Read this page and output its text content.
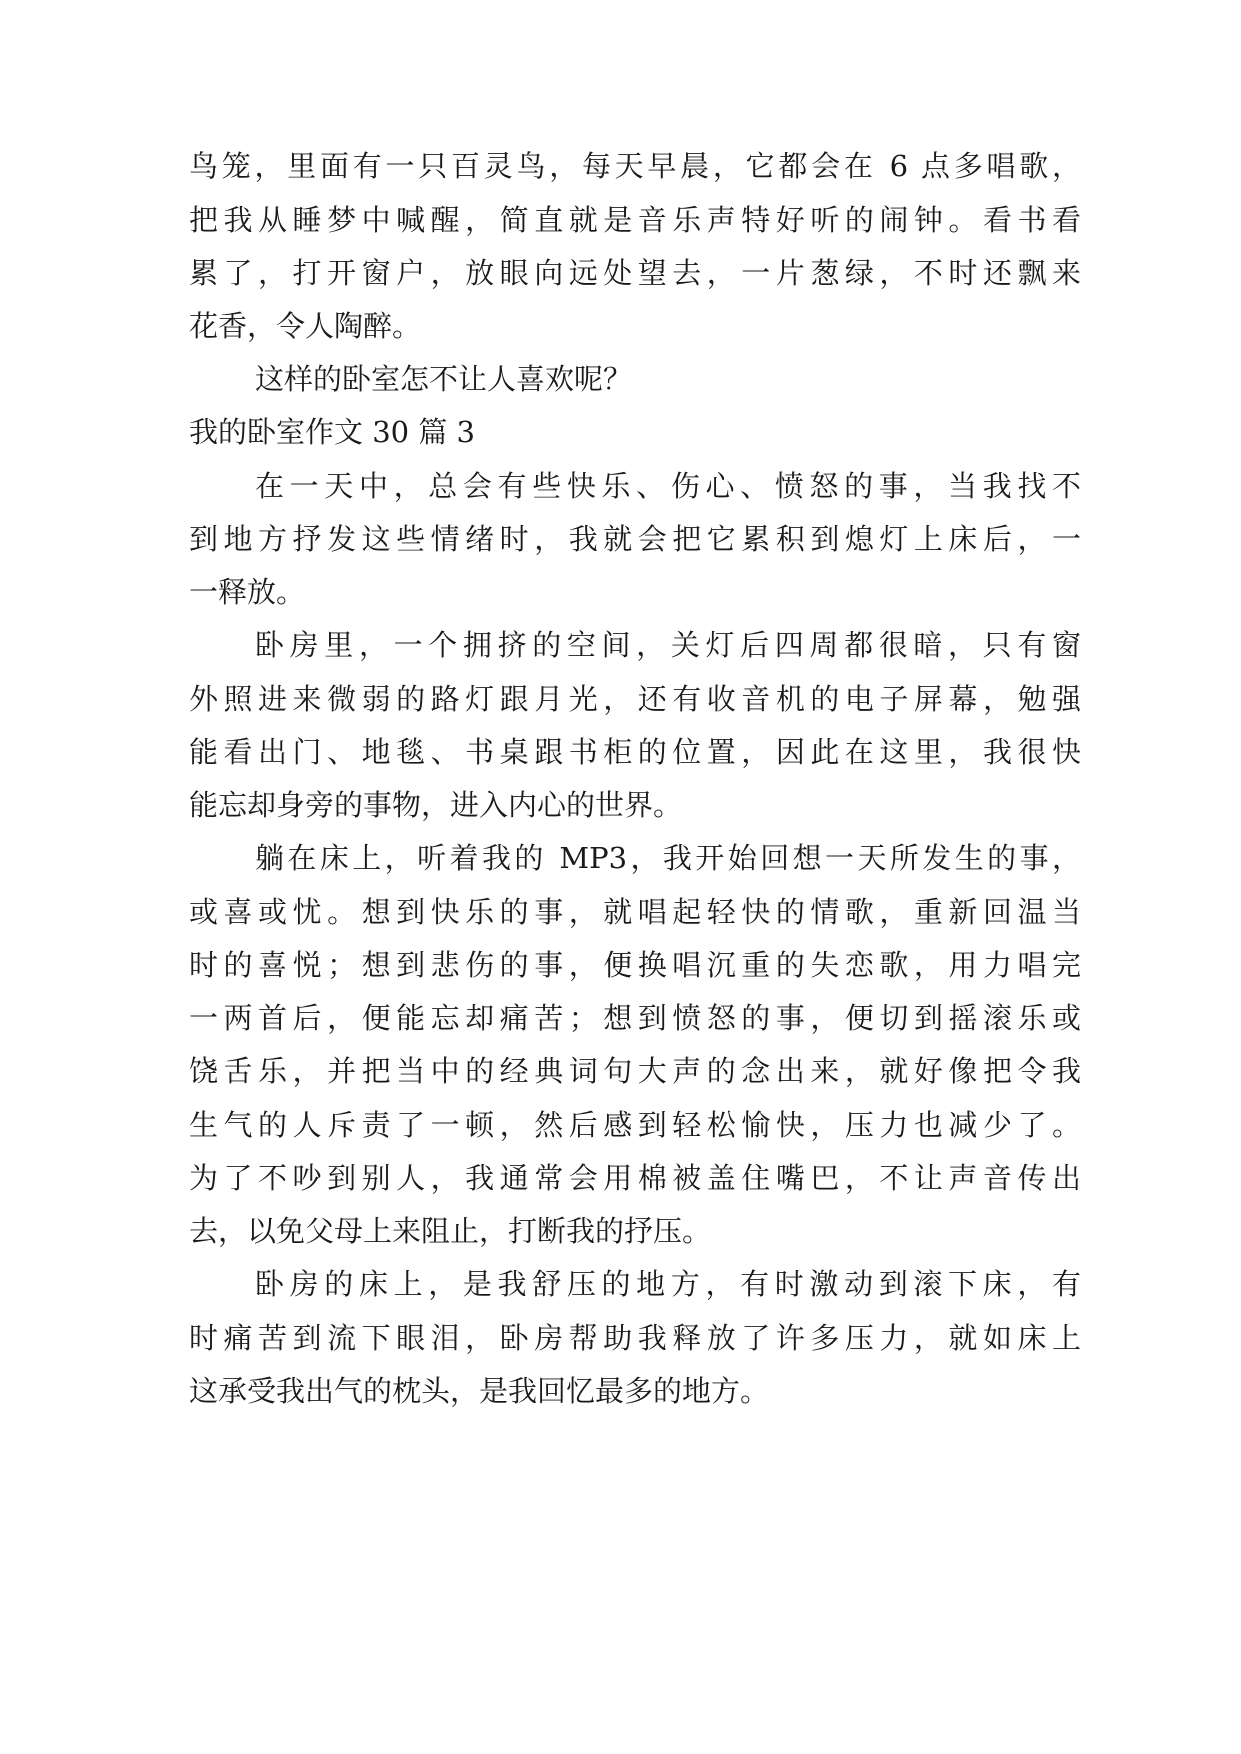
鸟笼，里面有一只百灵鸟，每天早晨，它都会在 6 点多唱歌，

把我从睡梦中喊醒，简直就是音乐声特好听的闹钟。看书看

累了，打开窗户，放眼向远处望去，一片葱绿，不时还飘来

花香，令人陶醉。

这样的卧室怎不让人喜欢呢？

我的卧室作文 30 篇 3

在一天中，总会有些快乐、伤心、愤怒的事，当我找不

到地方抒发这些情绪时，我就会把它累积到熄灯上床后，一

一释放。

卧房里，一个拥挤的空间，关灯后四周都很暗，只有窗

外照进来微弱的路灯跟月光，还有收音机的电子屏幕，勉强

能看出门、地毯、书桌跟书柜的位置，因此在这里，我很快

能忘却身旁的事物，进入内心的世界。

躺在床上，听着我的 MP3，我开始回想一天所发生的事，

或喜或忧。想到快乐的事，就唱起轻快的情歌，重新回温当

时的喜悦；想到悲伤的事，便换唱沉重的失恋歌，用力唱完

一两首后，便能忘却痛苦；想到愤怒的事，便切到摇滚乐或

饶舌乐，并把当中的经典词句大声的念出来，就好像把令我

生气的人斥责了一顿，然后感到轻松愉快，压力也减少了。

为了不吵到别人，我通常会用棉被盖住嘴巴，不让声音传出

去，以免父母上来阻止，打断我的抒压。

卧房的床上，是我舒压的地方，有时激动到滚下床，有

时痛苦到流下眼泪，卧房帮助我释放了许多压力，就如床上

这承受我出气的枕头，是我回忆最多的地方。
